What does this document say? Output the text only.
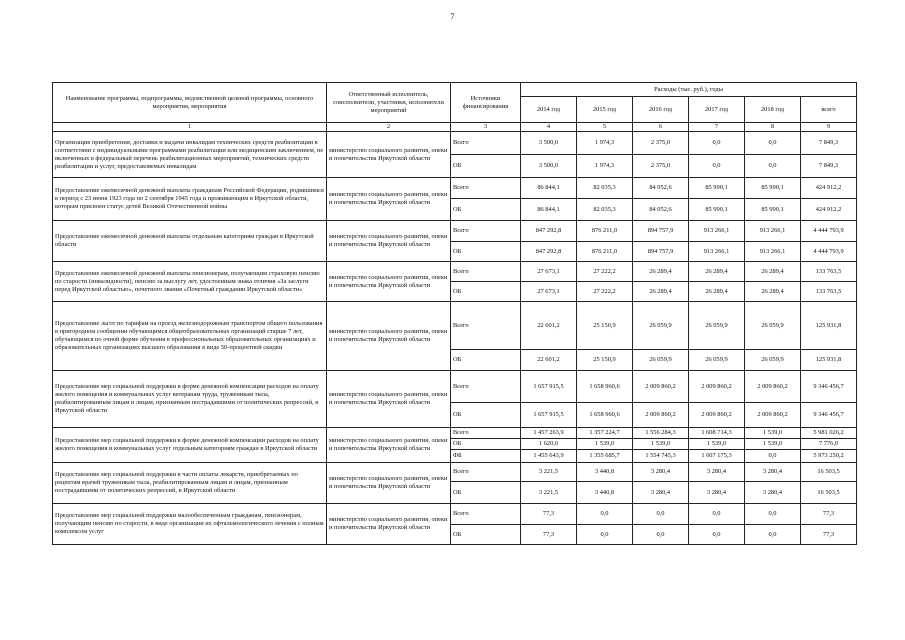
7
Наименование программы, подпрограммы, ведомственной целевой программы, основного мероприятия, мероприятия	Ответственный исполнитель, соисполнители, участники, исполнители мероприятий	Источники финансирования	Расходы (тыс. руб.), годы					
			2014 год	2015 год	2016 год	2017 год	2018 год	всего
1	2	3	4	5	6	7	8	9
Организация приобретения, доставки и выдачи инвалидам технических средств реабилитации в соответствии с индивидуальными программами реабилитации или медицинским заключением, не включенных в федеральный перечень реабилитационных мероприятий, технических средств реабилитации и услуг, предоставляемых инвалидам	министерство социального развития, опеки и попечительства Иркутской области	Всего	3 500,0	1 974,3	2 375,0	0,0	0,0	7 849,3
		ОБ	3 500,0	1 974,3	2 375,0	0,0	0,0	7 849,3
Предоставление ежемесячной денежной выплаты гражданам Российской Федерации, родившимся в период с 23 июня 1923 года по 2 сентября 1945 года и проживающим в Иркутской области, которым присвоен статус детей Великой Отечественной войны	министерство социального развития, опеки и попечительства Иркутской области	Всего	86 844,1	82 035,3	84 052,6	85 990,1	85 990,1	424 912,2
		ОБ	86 844,1	82 035,3	84 052,6	85 990,1	85 990,1	424 912,2
Предоставление ежемесячной денежной выплаты отдельным категориям граждан в Иркутской области	министерство социального развития, опеки и попечительства Иркутской области	Всего	847 292,8	876 211,0	894 757,9	913 266,1	913 266,1	4 444 793,9
		ОБ	847 292,8	876 211,0	894 757,9	913 266,1	913 266,1	4 444 793,9
Предоставление ежемесячной денежной выплаты пенсионерам, получающим страховую пенсию по старости (инвалидности), пенсию за выслугу лет, удостоенным знака отличия «За заслуги перед Иркутской областью», почетного звания «Почетный гражданин Иркутской области»	министерство социального развития, опеки и попечительства Иркутской области	Всего	27 673,1	27 222,2	26 289,4	26 289,4	26 289,4	133 763,5
		ОБ	27 673,1	27 222,2	26 289,4	26 289,4	26 289,4	133 763,5
Предоставление льгот по тарифам на проезд железнодорожным транспортом общего пользования в пригородном сообщении обучающимся общеобразовательных организаций старше 7 лет, обучающимся по очной форме обучения в профессиональных образовательных организациях и образовательных организациях высшего образования в виде 50-процентной скидки	министерство социального развития, опеки и попечительства Иркутской области	Всего	22 601,2	25 150,9	26 059,9	26 059,9	26 059,9	125 931,8
		ОБ	22 601,2	25 150,9	26 059,9	26 059,9	26 059,9	125 931,8
Предоставление мер социальной поддержки в форме денежной компенсации расходов на оплату жилого помещения и коммунальных услуг ветеранам труда, труженикам тыла, реабилитированным лицам и лицам, признанным пострадавшими от политических репрессий, в Иркутской области	министерство социального развития, опеки и попечительства Иркутской области	Всего	1 657 915,5	1 658 960,6	2 009 860,2	2 009 860,2	2 009 860,2	9 346 456,7
		ОБ	1 657 915,5	1 658 960,6	2 009 860,2	2 009 860,2	2 009 860,2	9 346 456,7
Предоставление мер социальной поддержки в форме денежной компенсации расходов на оплату жилого помещения и коммунальных услуг отдельным категориям граждан в Иркутской области	министерство социального развития, опеки и попечительства Иркутской области	Всего	1 457 263,9	1 357 224,7	1 556 284,3	1 608 714,3	1 539,0	5 981 026,2
		ОБ	1 620,0	1 539,0	1 539,0	1 539,0	1 539,0	7 776,0
		ФБ	1 455 643,9	1 355 685,7	1 554 745,3	1 607 175,3	0,0	5 973 250,2
Предоставление мер социальной поддержки в части оплаты лекарств, приобретаемых по рецептам врачей труженикам тыла, реабилитированным лицам и лицам, признанным пострадавшими от политических репрессий, в Иркутской области	министерство социального развития, опеки и попечительства Иркутской области	Всего	3 221,5	3 440,8	3 280,4	3 280,4	3 280,4	16 503,5
		ОБ	3 221,5	3 440,8	3 280,4	3 280,4	3 280,4	16 503,5
Предоставление мер социальной поддержки малообеспеченным гражданам, пенсионерам, получающим пенсию по старости, в виде организации их офтальмологического лечения с полным комплексом услуг	министерство социального развития, опеки и попечительства Иркутской области	Всего	77,3	0,0	0,0	0,0	0,0	77,3
		ОБ	77,3	0,0	0,0	0,0	0,0	77,3
